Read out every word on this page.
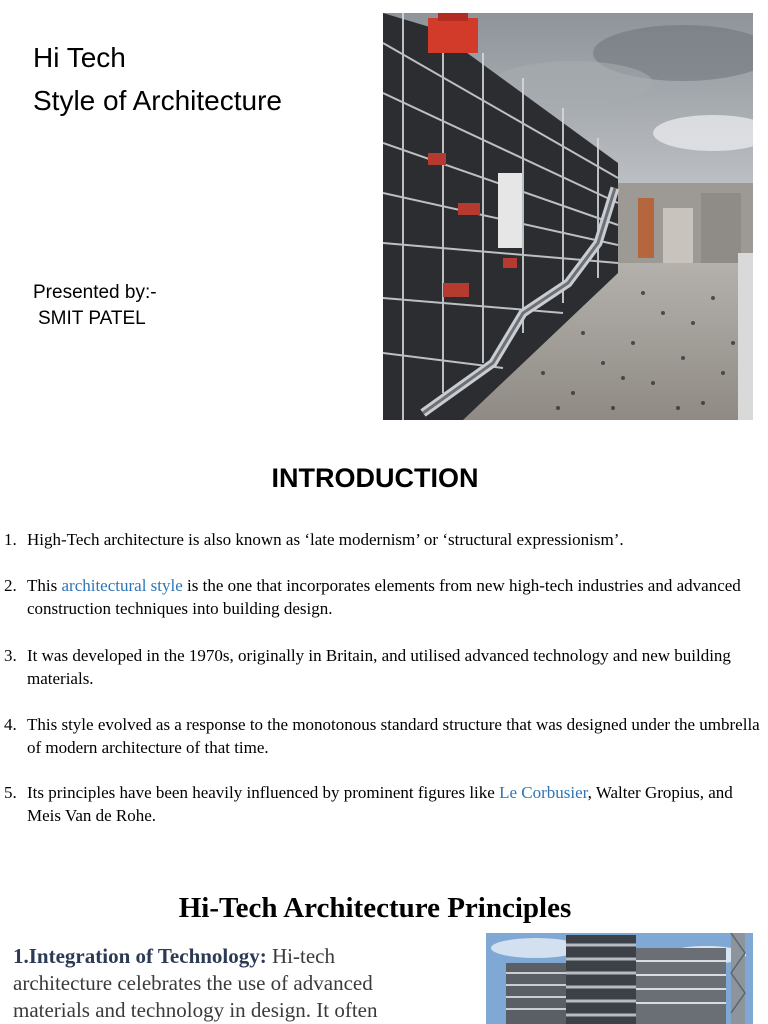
Hi Tech
Style of Architecture
Presented by:-
SMIT PATEL
INTRODUCTION
1. High-Tech architecture is also known as ‘late modernism’ or ‘structural expressionism’.
2. This architectural style is the one that incorporates elements from new high-tech industries and advanced construction techniques into building design.
3. It was developed in the 1970s, originally in Britain, and utilised advanced technology and new building materials.
4. This style evolved as a response to the monotonous standard structure that was designed under the umbrella of modern architecture of that time.
5. Its principles have been heavily influenced by prominent figures like Le Corbusier, Walter Gropius, and Meis Van de Rohe.
Hi-Tech Architecture Principles
1.Integration of Technology: Hi-tech architecture celebrates the use of advanced materials and technology in design. It often
